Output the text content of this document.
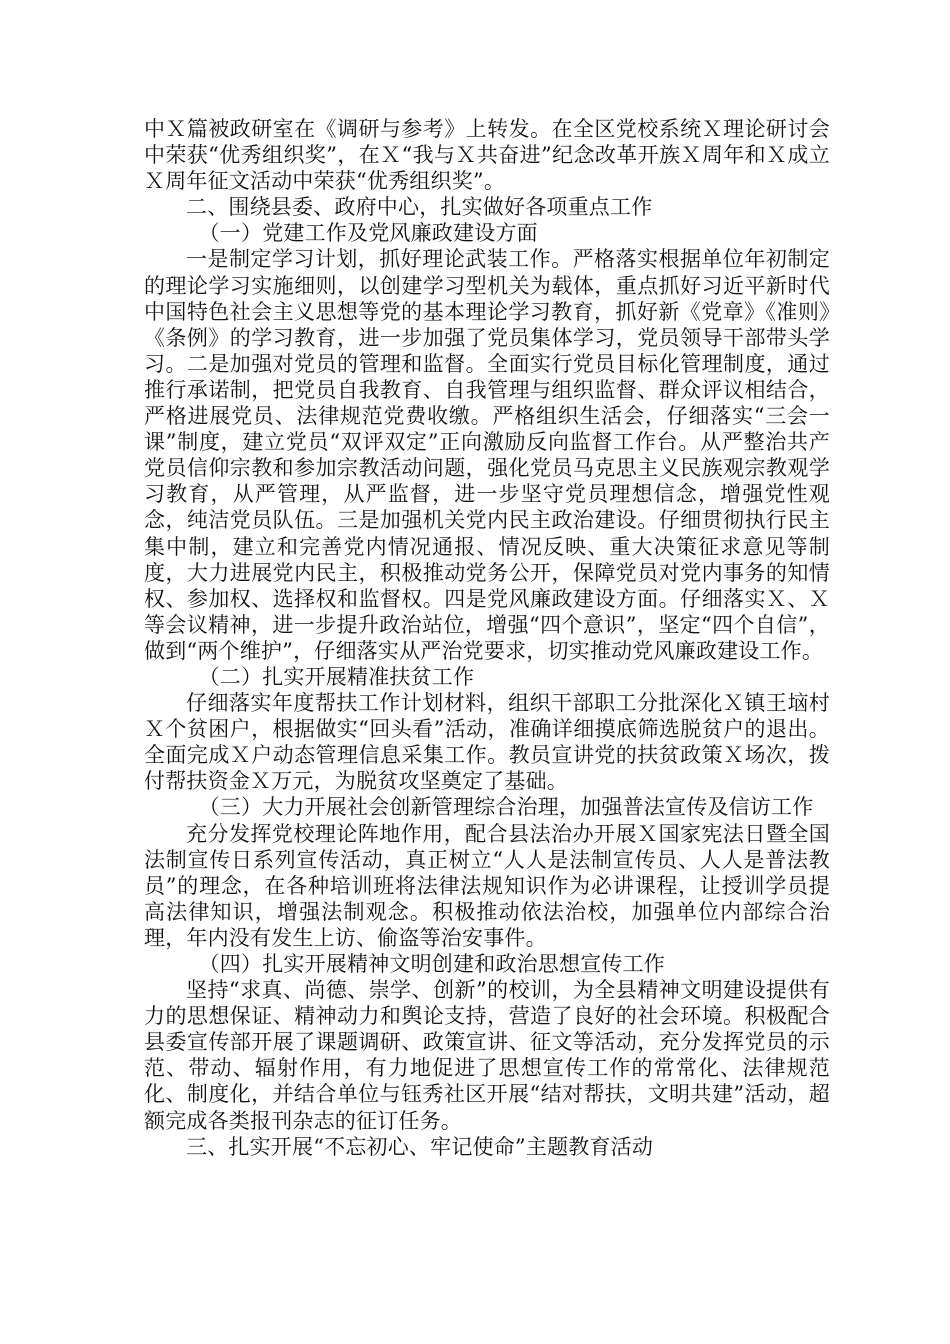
中Ｘ篇被政研室在《调研与参考》上转发。在全区党校系统Ｘ理论研讨会中荣获“优秀组织奖”，在Ｘ“我与Ｘ共奋进”纪念改革开族Ｘ周年和Ｘ成立Ｘ周年征文活动中荣获“优秀组织奖”。

二、围绕县委、政府中心，扎实做好各项重点工作

（一）党建工作及党风廉政建设方面

一是制定学习计划，抓好理论武装工作。严格落实根据单位年初制定的理论学习实施细则，以创建学习型机关为载体，重点抓好习近平新时代中国特色社会主义思想等党的基本理论学习教育，抓好新《党章》《准则》《条例》的学习教育，进一步加强了党员集体学习，党员领导干部带头学习。二是加强对党员的管理和监督。全面实行党员目标化管理制度，通过推行承诺制，把党员自我教育、自我管理与组织监督、群众评议相结合，严格进展党员、法律规范党费收缴。严格组织生活会，仔细落实“三会一课”制度，建立党员“双评双定”正向激励反向监督工作台。从严整治共产党员信仰宗教和参加宗教活动问题，强化党员马克思主义民族观宗教观学习教育，从严管理，从严监督，进一步坚守党员理想信念，增强党性观念，纯洁党员队伍。三是加强机关党内民主政治建设。仔细贯彻执行民主集中制，建立和完善党内情况通报、情况反映、重大决策征求意见等制度，大力进展党内民主，积极推动党务公开，保障党员对党内事务的知情权、参加权、选择权和监督权。四是党风廉政建设方面。仔细落实Ｘ、Ｘ等会议精神，进一步提升政治站位，增强“四个意识”，坚定“四个自信”，做到“两个维护”，仔细落实从严治党要求，切实推动党风廉政建设工作。

（二）扎实开展精准扶贫工作

仔细落实年度帮扶工作计划材料，组织干部职工分批深化Ｘ镇王垴村Ｘ个贫困户，根据做实“回头看”活动，准确详细摸底筛选脱贫户的退出。全面完成Ｘ户动态管理信息采集工作。教员宣讲党的扶贫政策Ｘ场次，拨付帮扶资金Ｘ万元，为脱贫攻坚奠定了基础。

（三）大力开展社会创新管理综合治理，加强普法宣传及信访工作

充分发挥党校理论阵地作用，配合县法治办开展Ｘ国家宪法日暨全国法制宣传日系列宣传活动，真正树立“人人是法制宣传员、人人是普法教员”的理念，在各种培训班将法律法规知识作为必讲课程，让授训学员提高法律知识，增强法制观念。积极推动依法治校，加强单位内部综合治理，年内没有发生上访、偷盗等治安事件。

（四）扎实开展精神文明创建和政治思想宣传工作

坚持“求真、尚德、崇学、创新”的校训，为全县精神文明建设提供有力的思想保证、精神动力和舆论支持，营造了良好的社会环境。积极配合县委宣传部开展了课题调研、政策宣讲、征文等活动，充分发挥党员的示范、带动、辐射作用，有力地促进了思想宣传工作的常常化、法律规范化、制度化，并结合单位与钰秀社区开展“结对帮扶，文明共建”活动，超额完成各类报刊杂志的征订任务。

三、扎实开展“不忘初心、牢记使命”主题教育活动
